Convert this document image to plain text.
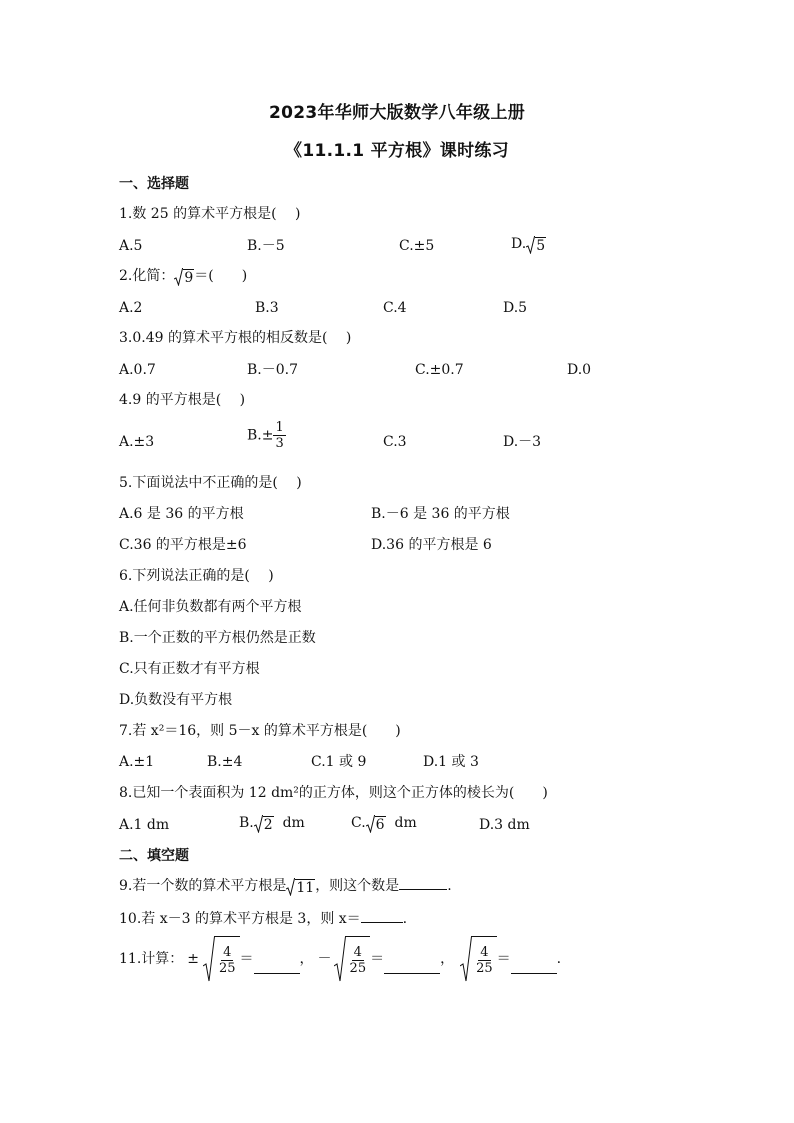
2023年华师大版数学八年级上册
《11.1.1 平方根》课时练习
一、选择题
1.数 25 的算术平方根是(　 )
A.5	B.－5	C.±5	D. 5
2.化简： 9 ＝(　　)
A.2	B.3	C.4	D.5
3.0.49 的算术平方根的相反数是(　 )
A.0.7	B.－0.7	C.±0.7	D.0
4.9 的平方根是(　 )
A.±3	$B.\pm \frac{1}{3}$	C.3	D.－3
5.下面说法中不正确的是(　 )
A.6 是 36 的平方根	B.－6 是 36 的平方根
C.36 的平方根是±6	D.36 的平方根是 6
6.下列说法正确的是(　 )
A.任何非负数都有两个平方根
B.一个正数的平方根仍然是正数
C.只有正数才有平方根
D.负数没有平方根
7.若 x²＝16，则 5－x 的算术平方根是(　　)
A.±1	B.±4	C.1 或 9	D.1 或 3
8.已知一个表面积为 12 dm²的正方体，则这个正方体的棱长为(　　)
A.1 dm	B. 2 dm	C. 6 dm	D.3 dm
二、填空题
9.若一个数的算术平方根是 11 ，则这个数是	.
10.若 x－3 的算术平方根是 3，则 x＝	.
11.计算： ± $\frac{4}{25}$ ＝	， － $\frac{4}{25}$ ＝	， $\frac{4}{25}$ ＝	.
